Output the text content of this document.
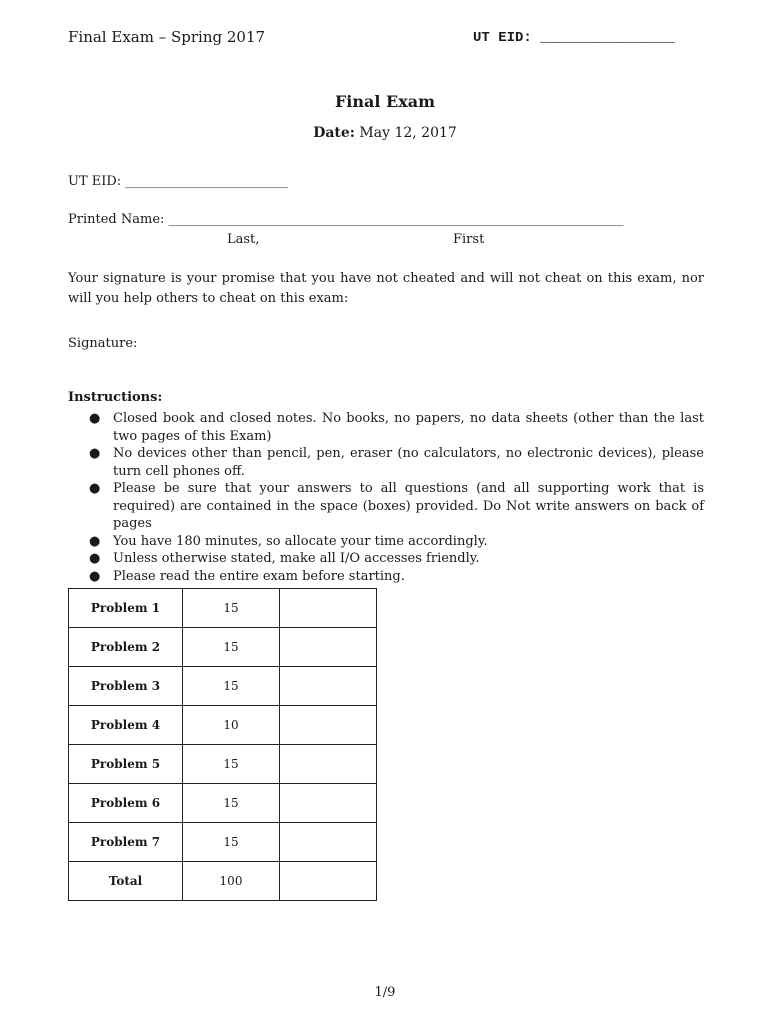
Final Exam – Spring 2017	UT EID: ________________
Final Exam
Date: May 12, 2017
UT EID: _________________________
Printed Name: ______________________________________________________________________
Last,	First
Your signature is your promise that you have not cheated and will not cheat on this exam, nor will you help others to cheat on this exam:
Signature:
Instructions:
● Closed book and closed notes. No books, no papers, no data sheets (other than the last two pages of this Exam)
● No devices other than pencil, pen, eraser (no calculators, no electronic devices), please turn cell phones off.
● Please be sure that your answers to all questions (and all supporting work that is required) are contained in the space (boxes) provided. Do Not write answers on back of pages
● You have 180 minutes, so allocate your time accordingly.
● Unless otherwise stated, make all I/O accesses friendly.
● Please read the entire exam before starting.
Problem 1	15	
Problem 2	15	
Problem 3	15	
Problem 4	10	
Problem 5	15	
Problem 6	15	
Problem 7	15	
Total	100	
1/9
